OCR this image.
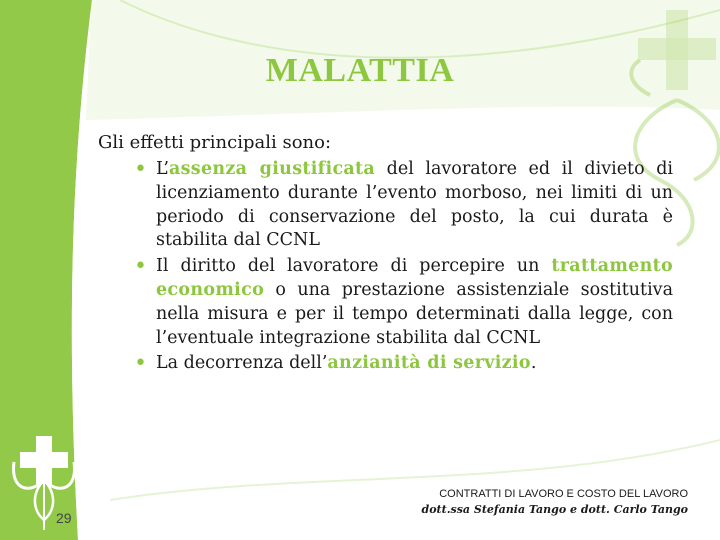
MALATTIA

Gli effetti principali sono:

• L’assenza giustificata del lavoratore ed il divieto di licenziamento durante l’evento morboso, nei limiti di un periodo di conservazione del posto, la cui durata è stabilita dal CCNL
• Il diritto del lavoratore di percepire un trattamento economico o una prestazione assistenziale sostitutiva nella misura e per il tempo determinati dalla legge, con l’eventuale integrazione stabilita dal CCNL
• La decorrenza dell’anzianità di servizio.
CONTRATTI DI LAVORO E COSTO DEL LAVORO
dott.ssa Stefania Tango e dott. Carlo Tango
29
